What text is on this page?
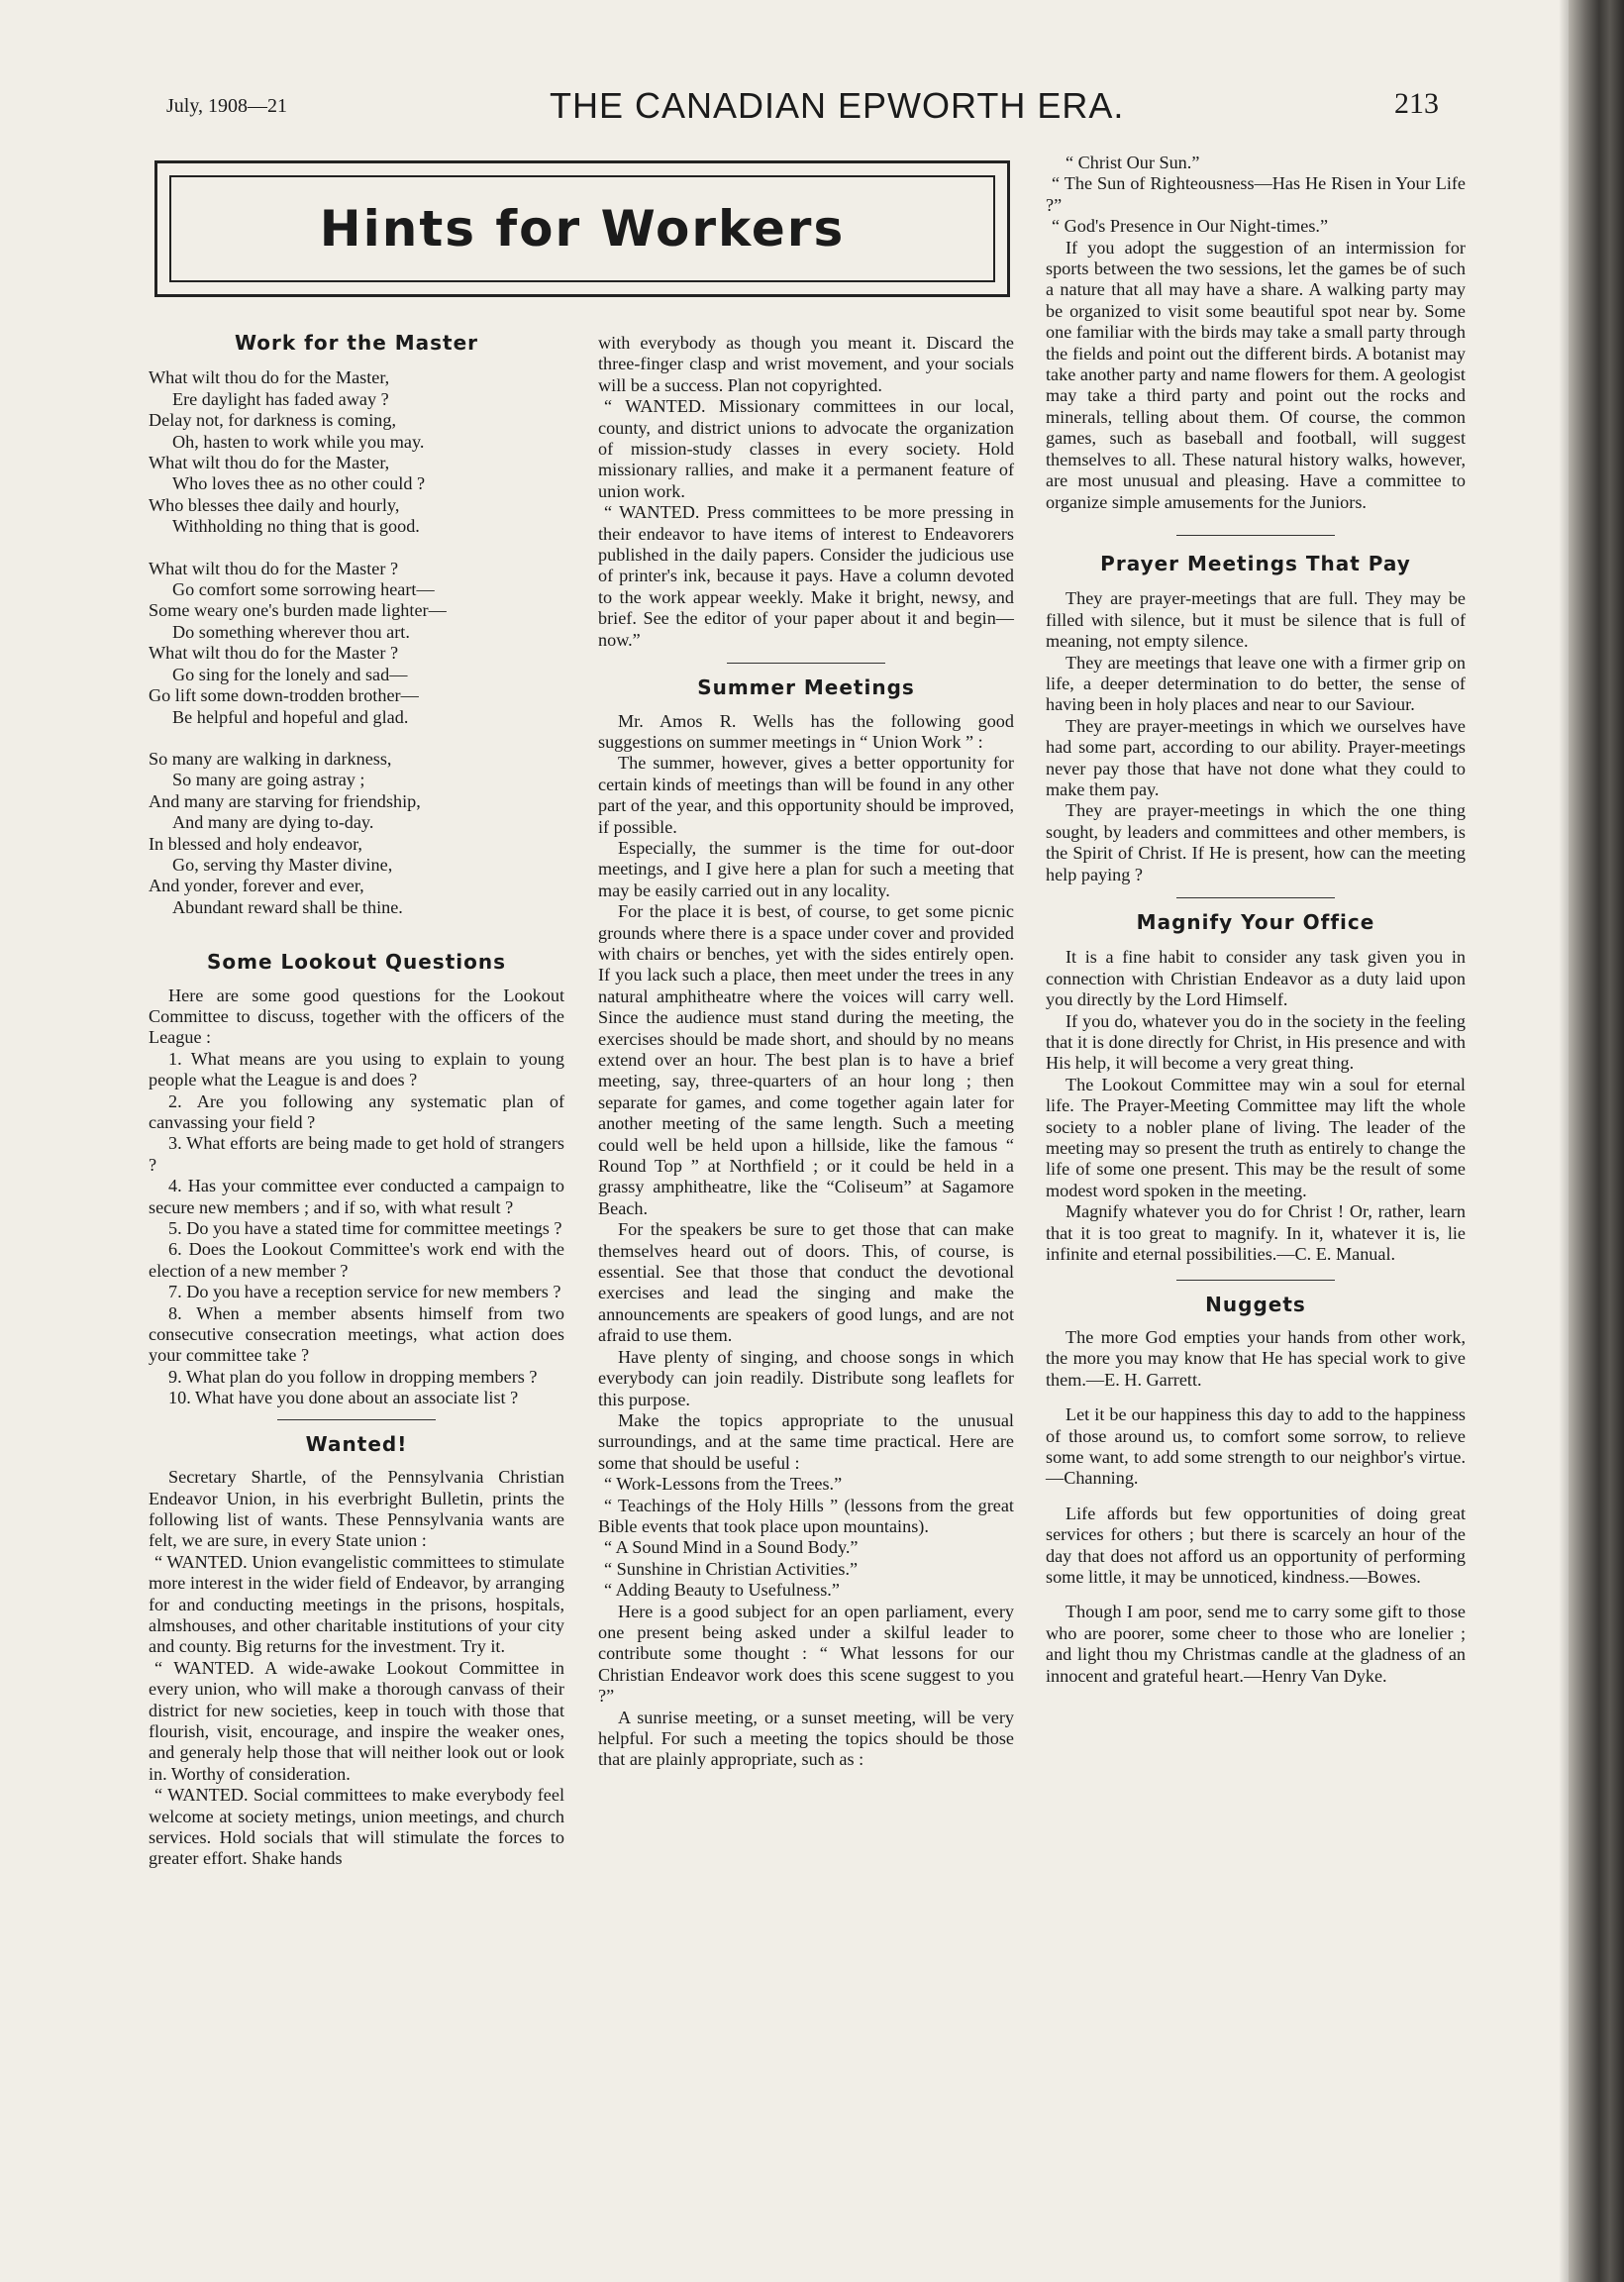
July, 1908—21	THE CANADIAN EPWORTH ERA.	213
Hints for Workers
Work for the Master
What wilt thou do for the Master,
Ere daylight has faded away ?
Delay not, for darkness is coming,
Oh, hasten to work while you may.
What wilt thou do for the Master,
Who loves thee as no other could ?
Who blesses thee daily and hourly,
Withholding no thing that is good.
What wilt thou do for the Master ?
Go comfort some sorrowing heart—
Some weary one's burden made lighter—
Do something wherever thou art.
What wilt thou do for the Master ?
Go sing for the lonely and sad—
Go lift some down-trodden brother—
Be helpful and hopeful and glad.
So many are walking in darkness,
So many are going astray ;
And many are starving for friendship,
And many are dying to-day.
In blessed and holy endeavor,
Go, serving thy Master divine,
And yonder, forever and ever,
Abundant reward shall be thine.
Some Lookout Questions

Here are some good questions for the Lookout Committee to discuss, together with the officers of the League :

1. What means are you using to explain to young people what the League is and does ?

2. Are you following any systematic plan of canvassing your field ?

3. What efforts are being made to get hold of strangers ?

4. Has your committee ever conducted a campaign to secure new members ; and if so, with what result ?

5. Do you have a stated time for committee meetings ?

6. Does the Lookout Committee's work end with the election of a new member ?

7. Do you have a reception service for new members ?

8. When a member absents himself from two consecutive consecration meetings, what action does your committee take ?

9. What plan do you follow in dropping members ?

10. What have you done about an associate list ?

Wanted!

Secretary Shartle, of the Pennsylvania Christian Endeavor Union, in his everbright Bulletin, prints the following list of wants. These Pennsylvania wants are felt, we are sure, in every State union :

“ WANTED. Union evangelistic committees to stimulate more interest in the wider field of Endeavor, by arranging for and conducting meetings in the prisons, hospitals, almshouses, and other charitable institutions of your city and county. Big returns for the investment. Try it.

“ WANTED. A wide-awake Lookout Committee in every union, who will make a thorough canvass of their district for new societies, keep in touch with those that flourish, visit, encourage, and inspire the weaker ones, and generaly help those that will neither look out or look in. Worthy of consideration.

“ WANTED. Social committees to make everybody feel welcome at society metings, union meetings, and church services. Hold socials that will stimulate the forces to greater effort. Shake hands

with everybody as though you meant it. Discard the three-finger clasp and wrist movement, and your socials will be a success. Plan not copyrighted.

“ WANTED. Missionary committees in our local, county, and district unions to advocate the organization of mission-study classes in every society. Hold missionary rallies, and make it a permanent feature of union work.

“ WANTED. Press committees to be more pressing in their endeavor to have items of interest to Endeavorers published in the daily papers. Consider the judicious use of printer's ink, because it pays. Have a column devoted to the work appear weekly. Make it bright, newsy, and brief. See the editor of your paper about it and begin—now.”

Summer Meetings

Mr. Amos R. Wells has the following good suggestions on summer meetings in “ Union Work ” :

The summer, however, gives a better opportunity for certain kinds of meetings than will be found in any other part of the year, and this opportunity should be improved, if possible.

Especially, the summer is the time for out-door meetings, and I give here a plan for such a meeting that may be easily carried out in any locality.

For the place it is best, of course, to get some picnic grounds where there is a space under cover and provided with chairs or benches, yet with the sides entirely open. If you lack such a place, then meet under the trees in any natural amphitheatre where the voices will carry well. Since the audience must stand during the meeting, the exercises should be made short, and should by no means extend over an hour. The best plan is to have a brief meeting, say, three-quarters of an hour long ; then separate for games, and come together again later for another meeting of the same length. Such a meeting could well be held upon a hillside, like the famous “ Round Top ” at Northfield ; or it could be held in a grassy amphitheatre, like the “Coliseum” at Sagamore Beach.

For the speakers be sure to get those that can make themselves heard out of doors. This, of course, is essential. See that those that conduct the devotional exercises and lead the singing and make the announcements are speakers of good lungs, and are not afraid to use them.

Have plenty of singing, and choose songs in which everybody can join readily. Distribute song leaflets for this purpose.

Make the topics appropriate to the unusual surroundings, and at the same time practical. Here are some that should be useful :

“ Work-Lessons from the Trees.”

“ Teachings of the Holy Hills ” (lessons from the great Bible events that took place upon mountains).

“ A Sound Mind in a Sound Body.”

“ Sunshine in Christian Activities.”

“ Adding Beauty to Usefulness.”

Here is a good subject for an open parliament, every one present being asked under a skilful leader to contribute some thought : “ What lessons for our Christian Endeavor work does this scene suggest to you ?”

A sunrise meeting, or a sunset meeting, will be very helpful. For such a meeting the topics should be those that are plainly appropriate, such as :

“ Christ Our Sun.”

“ The Sun of Righteousness—Has He Risen in Your Life ?”

“ God's Presence in Our Night-times.”

If you adopt the suggestion of an intermission for sports between the two sessions, let the games be of such a nature that all may have a share. A walking party may be organized to visit some beautiful spot near by. Some one familiar with the birds may take a small party through the fields and point out the different birds. A botanist may take another party and name flowers for them. A geologist may take a third party and point out the rocks and minerals, telling about them. Of course, the common games, such as baseball and football, will suggest themselves to all. These natural history walks, however, are most unusual and pleasing. Have a committee to organize simple amusements for the Juniors.

Prayer Meetings That Pay

They are prayer-meetings that are full. They may be filled with silence, but it must be silence that is full of meaning, not empty silence.

They are meetings that leave one with a firmer grip on life, a deeper determination to do better, the sense of having been in holy places and near to our Saviour.

They are prayer-meetings in which we ourselves have had some part, according to our ability. Prayer-meetings never pay those that have not done what they could to make them pay.

They are prayer-meetings in which the one thing sought, by leaders and committees and other members, is the Spirit of Christ. If He is present, how can the meeting help paying ?

Magnify Your Office

It is a fine habit to consider any task given you in connection with Christian Endeavor as a duty laid upon you directly by the Lord Himself.

If you do, whatever you do in the society in the feeling that it is done directly for Christ, in His presence and with His help, it will become a very great thing.

The Lookout Committee may win a soul for eternal life. The Prayer-Meeting Committee may lift the whole society to a nobler plane of living. The leader of the meeting may so present the truth as entirely to change the life of some one present. This may be the result of some modest word spoken in the meeting.

Magnify whatever you do for Christ ! Or, rather, learn that it is too great to magnify. In it, whatever it is, lie infinite and eternal possibilities.—C. E. Manual.

Nuggets

The more God empties your hands from other work, the more you may know that He has special work to give them.—E. H. Garrett.

Let it be our happiness this day to add to the happiness of those around us, to comfort some sorrow, to relieve some want, to add some strength to our neighbor's virtue.—Channing.

Life affords but few opportunities of doing great services for others ; but there is scarcely an hour of the day that does not afford us an opportunity of performing some little, it may be unnoticed, kindness.—Bowes.

Though I am poor, send me to carry some gift to those who are poorer, some cheer to those who are lonelier ; and light thou my Christmas candle at the gladness of an innocent and grateful heart.—Henry Van Dyke.
